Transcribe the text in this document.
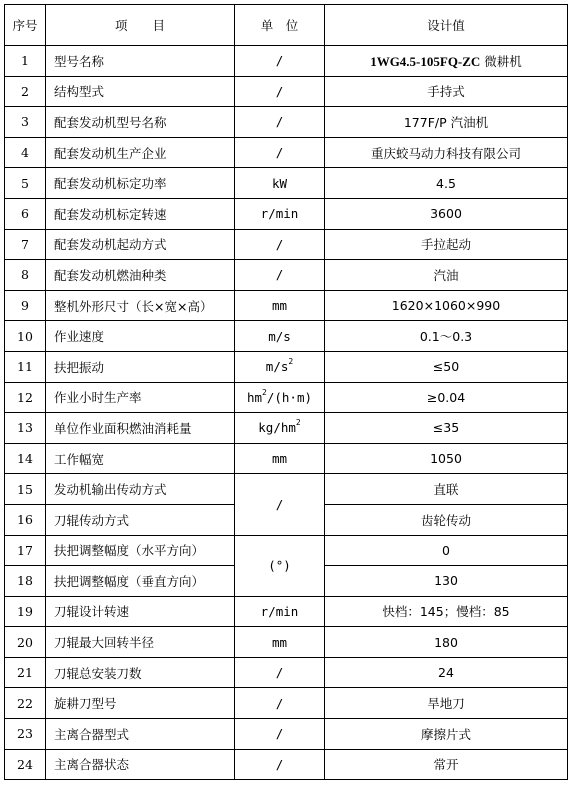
序号	项　　目	单　位	设计值
1	型号名称	/	1WG4.5-105FQ-ZC 微耕机
2	结构型式	/	手持式
3	配套发动机型号名称	/	177F/P 汽油机
4	配套发动机生产企业	/	重庆蛟马动力科技有限公司
5	配套发动机标定功率	kW	4.5
6	配套发动机标定转速	r/min	3600
7	配套发动机起动方式	/	手拉起动
8	配套发动机燃油种类	/	汽油
9	整机外形尺寸（长×宽×高）	mm	1620×1060×990
10	作业速度	m/s	0.1～0.3
11	扶把振动	$m/s^2$	≤50
12	作业小时生产率	$hm^2/(h\cdot m)$	≥0.04
13	单位作业面积燃油消耗量	$kg/hm^2$	≤35
14	工作幅宽	mm	1050
15	发动机输出传动方式	/	直联
16	刀辊传动方式		齿轮传动
17	扶把调整幅度（水平方向）	(°)	0
18	扶把调整幅度（垂直方向）		130
19	刀辊设计转速	r/min	快档：145；慢档：85
20	刀辊最大回转半径	mm	180
21	刀辊总安装刀数	/	24
22	旋耕刀型号	/	旱地刀
23	主离合器型式	/	摩擦片式
24	主离合器状态	/	常开
